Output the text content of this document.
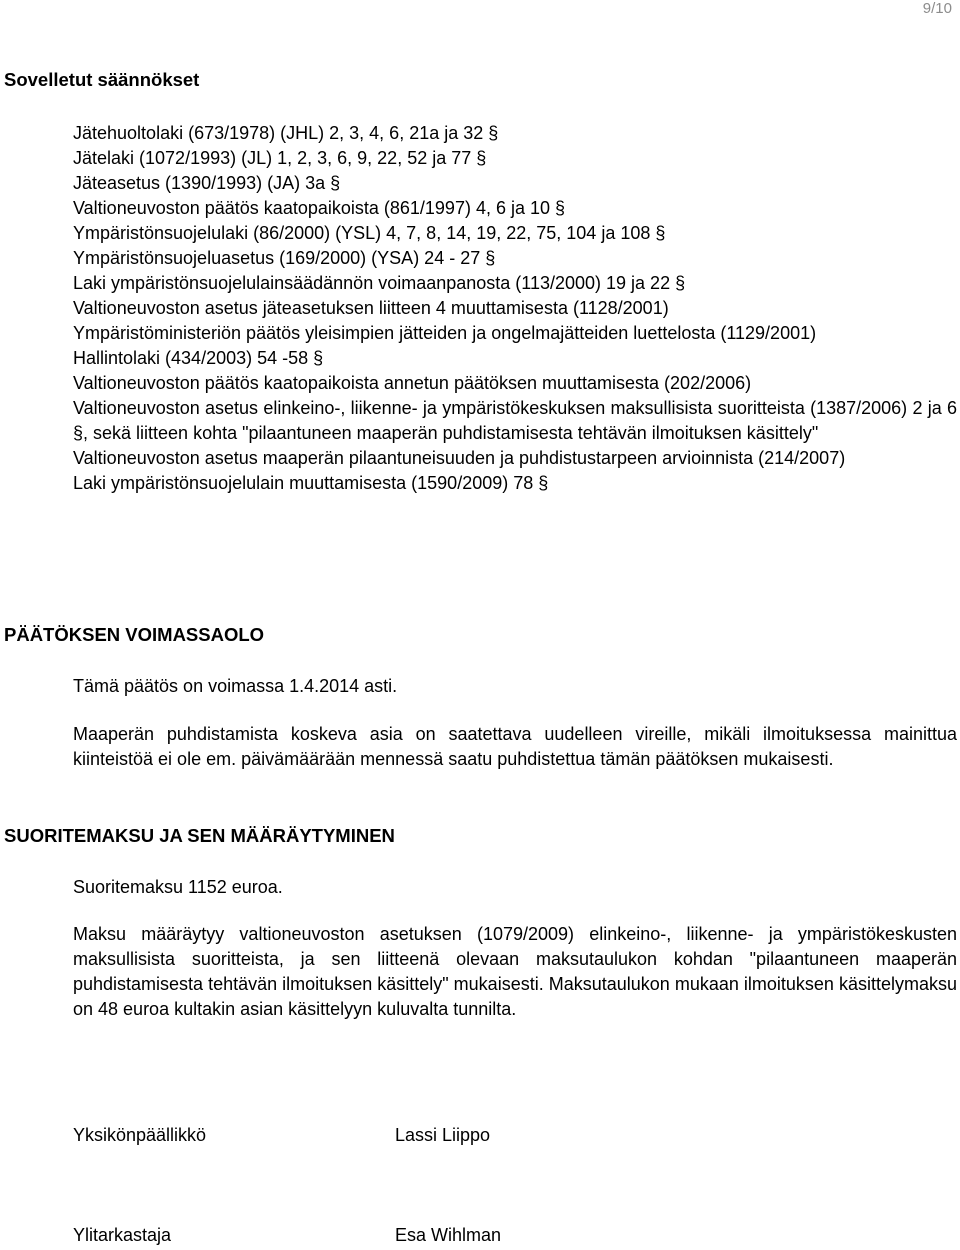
9/10
Sovelletut säännökset
Jätehuoltolaki (673/1978) (JHL) 2, 3, 4, 6, 21a ja 32 §
Jätelaki (1072/1993) (JL) 1, 2, 3, 6, 9, 22, 52 ja 77 §
Jäteasetus (1390/1993) (JA) 3a §
Valtioneuvoston päätös kaatopaikoista (861/1997) 4, 6 ja 10 §
Ympäristönsuojelulaki (86/2000) (YSL) 4, 7, 8, 14, 19, 22, 75, 104 ja 108 §
Ympäristönsuojeluasetus (169/2000) (YSA) 24 - 27 §
Laki ympäristönsuojelulainsäädännön voimaanpanosta (113/2000) 19 ja 22 §
Valtioneuvoston asetus jäteasetuksen liitteen 4 muuttamisesta (1128/2001)
Ympäristöministeriön päätös yleisimpien jätteiden ja ongelmajätteiden luettelosta (1129/2001)
Hallintolaki (434/2003) 54 -58 §
Valtioneuvoston päätös kaatopaikoista annetun päätöksen muuttamisesta (202/2006)
Valtioneuvoston asetus elinkeino-, liikenne- ja ympäristökeskuksen maksullisista suoritteista (1387/2006) 2 ja 6 §, sekä liitteen kohta "pilaantuneen maaperän puhdistamisesta tehtävän ilmoituksen käsittely"
Valtioneuvoston asetus maaperän pilaantuneisuuden ja puhdistustarpeen arvioinnista (214/2007)
Laki ympäristönsuojelulain muuttamisesta (1590/2009) 78 §
PÄÄTÖKSEN VOIMASSAOLO

Tämä päätös on voimassa 1.4.2014 asti.

Maaperän puhdistamista koskeva asia on saatettava uudelleen vireille, mikäli ilmoituksessa mainittua kiinteistöä ei ole em. päivämäärään mennessä saatu puhdistettua tämän päätöksen mukaisesti.

SUORITEMAKSU JA SEN MÄÄRÄYTYMINEN

Suoritemaksu 1152 euroa.

Maksu määräytyy valtioneuvoston asetuksen (1079/2009) elinkeino-, liikenne- ja ympäristökeskusten maksullisista suoritteista, ja sen liitteenä olevaan maksutaulukon kohdan "pilaantuneen maaperän puhdistamisesta tehtävän ilmoituksen käsittely" mukaisesti. Maksutaulukon mukaan ilmoituksen käsittelymaksu on 48 euroa kultakin asian käsittelyyn kuluvalta tunnilta.

Yksikönpäällikkö	Lassi Liippo
Ylitarkastaja	Esa Wihlman
